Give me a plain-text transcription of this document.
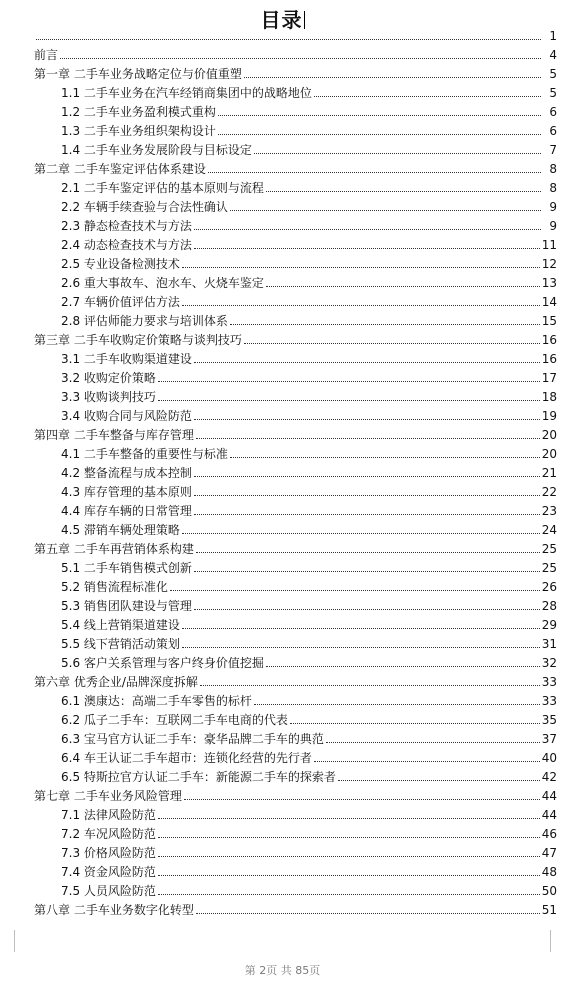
目录
1
前言	4
第一章 二手车业务战略定位与价值重塑	5
1.1 二手车业务在汽车经销商集团中的战略地位	5
1.2 二手车业务盈利模式重构	6
1.3 二手车业务组织架构设计	6
1.4 二手车业务发展阶段与目标设定	7
第二章 二手车鉴定评估体系建设	8
2.1 二手车鉴定评估的基本原则与流程	8
2.2 车辆手续查验与合法性确认	9
2.3 静态检查技术与方法	9
2.4 动态检查技术与方法	11
2.5 专业设备检测技术	12
2.6 重大事故车、泡水车、火烧车鉴定	13
2.7 车辆价值评估方法	14
2.8 评估师能力要求与培训体系	15
第三章 二手车收购定价策略与谈判技巧	16
3.1 二手车收购渠道建设	16
3.2 收购定价策略	17
3.3 收购谈判技巧	18
3.4 收购合同与风险防范	19
第四章 二手车整备与库存管理	20
4.1 二手车整备的重要性与标准	20
4.2 整备流程与成本控制	21
4.3 库存管理的基本原则	22
4.4 库存车辆的日常管理	23
4.5 滞销车辆处理策略	24
第五章 二手车再营销体系构建	25
5.1 二手车销售模式创新	25
5.2 销售流程标准化	26
5.3 销售团队建设与管理	28
5.4 线上营销渠道建设	29
5.5 线下营销活动策划	31
5.6 客户关系管理与客户终身价值挖掘	32
第六章 优秀企业/品牌深度拆解	33
6.1 澳康达：高端二手车零售的标杆	33
6.2 瓜子二手车：互联网二手车电商的代表	35
6.3 宝马官方认证二手车：豪华品牌二手车的典范	37
6.4 车王认证二手车超市：连锁化经营的先行者	40
6.5 特斯拉官方认证二手车：新能源二手车的探索者	42
第七章 二手车业务风险管理	44
7.1 法律风险防范	44
7.2 车况风险防范	46
7.3 价格风险防范	47
7.4 资金风险防范	48
7.5 人员风险防范	50
第八章 二手车业务数字化转型	51
第 2页 共 85页
